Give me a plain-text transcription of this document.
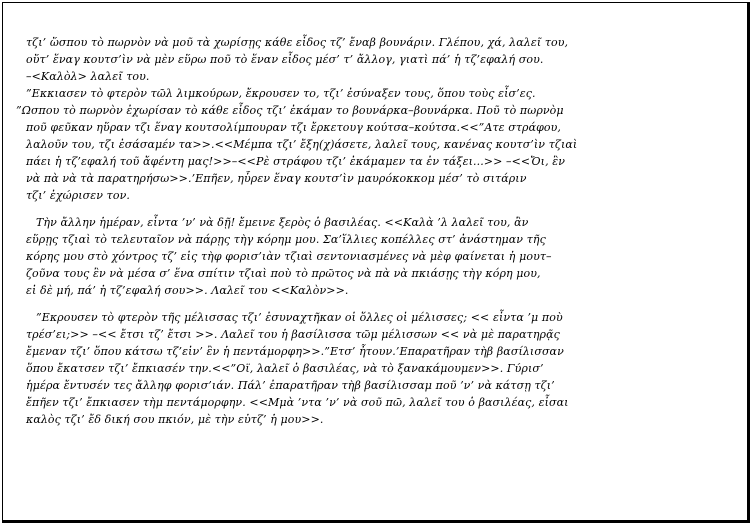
τζι’ ὥσπου τὸ πωρνὸν νὰ μοῦ τὰ χωρίσῃς κάθε εἶδος τζ’ ἔναβ βουνάριν. Γλέπου, χά, λαλεῖ του,
οὕτ’ ἕναγ κουτσ’ὶν νὰ μὲν εὕρω ποῦ τὸ ἕναν εἶδος μέσ’ τ’ ἄλλογ, γιατὶ πά’ ἡ τζ’εφαλή σου.
–<Καλὸλ> λαλεῖ του.
”Εκκιασεν τὸ φτερὸν τῶλ λιμκούρων, ἔκρουσεν το, τζι’ ἐσύναξεν τους, ὅπου τοὺς εἶσ’ες.
”Ωσπου τὸ πωρνὸν ἐχωρίσαν τὸ κάθε εἶδος τζι’ ἐκάμαν το βουνάρκα–βουνάρκα. Ποῦ τὸ πωρνὸμ
ποῦ φεῦκαν ηὕραν τζι ἕναγ κουτσολίμπουραν τζι ἔρκετουγ κούτσα–κούτσα.<<”Ατε στράφου,
λαλοῦν του, τζι ἐσάσαμέν τα>>.<<Μέμπα τζι’ ἔξη(χ)άσετε, λαλεῖ τους, κανένας κουτσ’ὶν τζιαὶ
πάει ἡ τζ’εφαλή τοῦ ἄφέντη μας!>>–<<Ρὲ στράφου τζι’ ἐκάμαμεν τα ἐν τάξει...>> –<<Ὄι, ἒν
νὰ πὰ νὰ τὰ παρατηρήσω>>.’Επῆεν, ηὗρεν ἕναγ κουτσ’ὶν μαυρόκοκκομ μέσ’ τὸ σιτάριν
τζι’ ἐχώρισεν τον.
Τὴν ἄλλην ἡμέραν, εἶντα ’ν’ νὰ δῇ! ἔμεινε ξερὸς ὁ βασιλέας. <<Καλὰ ’λ λαλεῖ του, ἂν
εὕρῃς τζιαὶ τὸ τελευταῖον νὰ πάρῃς τὴγ κόρημ μου. Σα’ἵλλιες κοπέλλες στ’ ἀνάστημαν τῆς
κόρης μου στὸ χόντρος τζ’ εἰς τὴφ φορισ’ιὰν τζιαὶ σεντονιασμένες νὰ μὲφ φαίνεται ἡ μουτ–
ζοῦνα τους ἒν νὰ μέσα σ’ ἕνα σπίτιν τζιαὶ ποὺ τὸ πρῶτος νὰ πὰ νὰ πκιάσῃς τὴγ κόρη μου,
εἰ δὲ μή, πά’ ἡ τζ’εφαλή σου>>. Λαλεῖ του <<Καλὸν>>.
”Εκρουσεν τὸ φτερὸν τῆς μέλισσας τζι’ ἐσυναχτῆκαν οἱ ὅλλες οἱ μέλισσες; << εἶντα ’μ ποὺ
τρέσ’ει;>> –<< ἔτσι τζ’ ἔτσι >>. Λαλεῖ του ἡ βασίλισσα τῶμ μέλισσων << νὰ μὲ παρατηρᾷς
ἔμεναν τζι’ ὅπου κάτσω τζ’εἰν’ ἒν ἡ πεντάμορφη>>.”Ετσ’ ἦτουν.’Επαρατῆραν τὴβ βασίλισσαν
ὅπου ἔκατσεν τζι’ ἔπκιασέν την.<<”Οϊ, λαλεῖ ὁ βασιλέας, νὰ τὸ ξανακάμουμεν>>. Γύρισ’
ἡμέρα ἔντυσέν τες ἄλληφ φορισ’ιάν. Πάλ’ ἐπαρατῆραν τὴβ βασίλισσαμ ποῦ ’ν’ νὰ κάτσῃ τζι’
ἔπῆεν τζι’ ἔπκιασεν τὴμ πεντάμορφην. <<Μμὰ ’ντα ’ν’ νὰ σοῦ πῶ, λαλεῖ του ὁ βασιλέας, εἶσαι
καλὸς τζι’ ἔδ δική σου πκιόν, μὲ τὴν εὐτζ’ ἡ μου>>.
